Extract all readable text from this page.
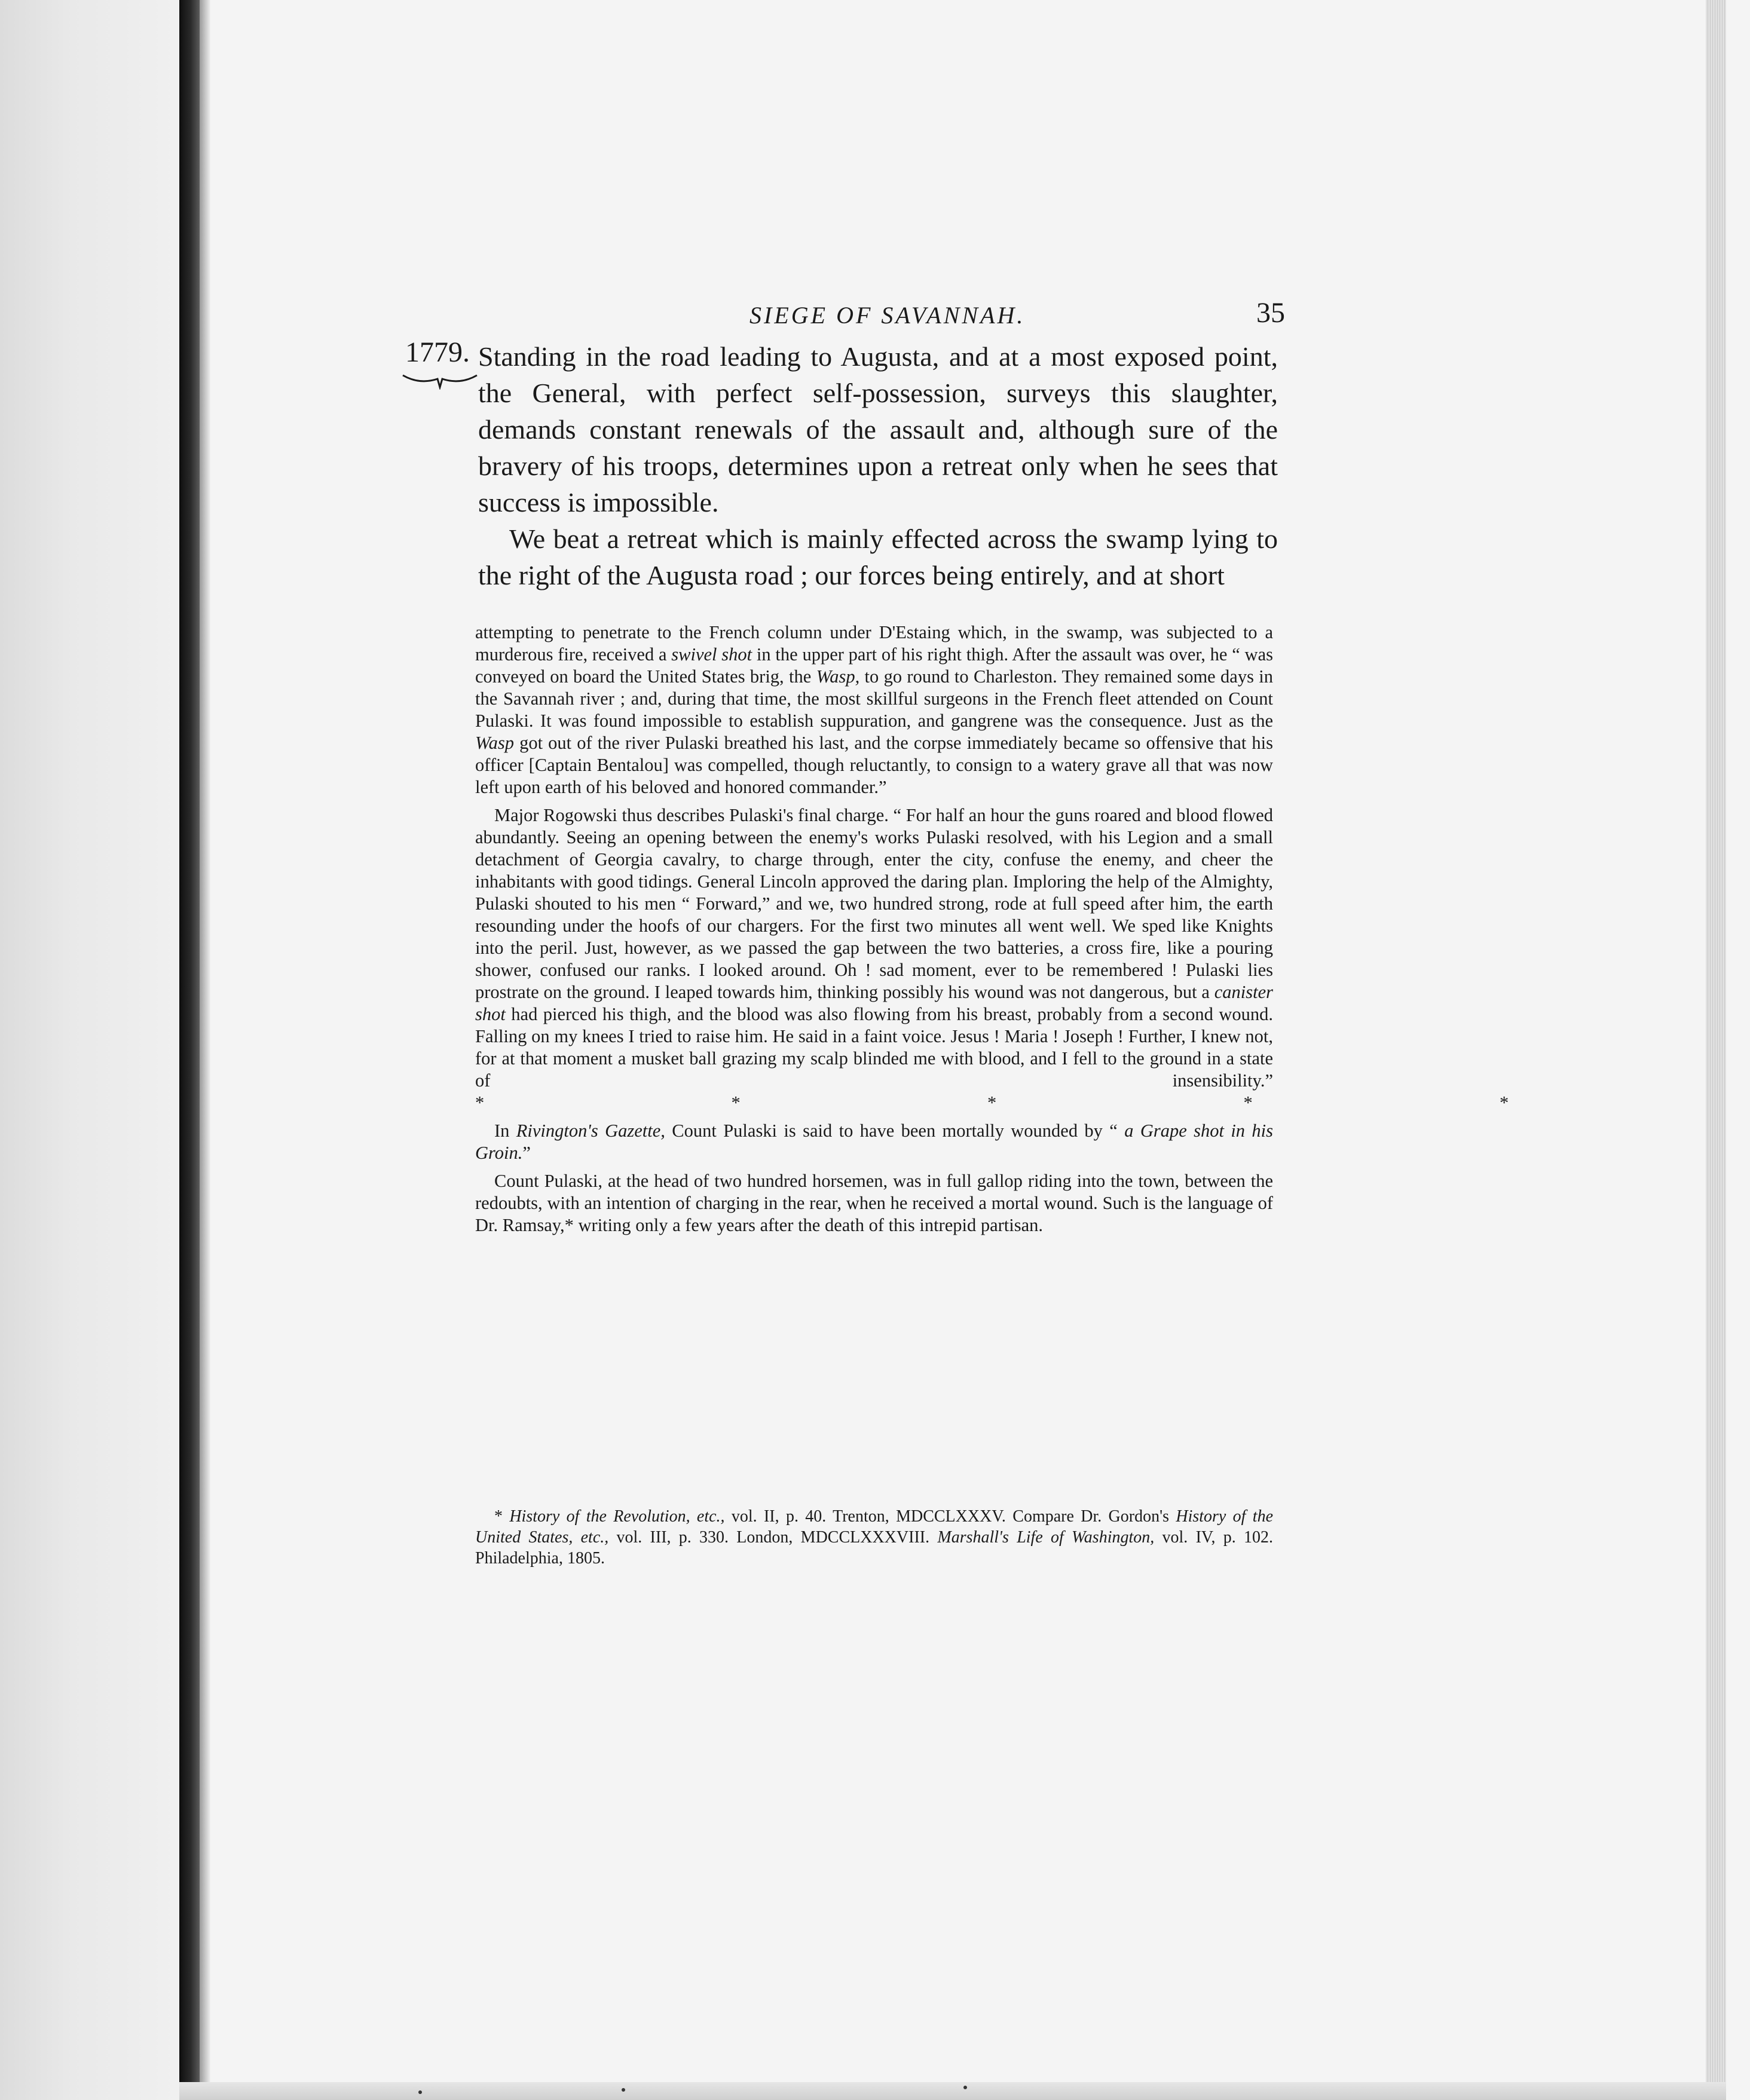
SIEGE OF SAVANNAH.	35
1779. Standing in the road leading to Augusta, and at a most exposed point, the General, with perfect self-possession, surveys this slaughter, demands constant renewals of the assault and, although sure of the bravery of his troops, determines upon a retreat only when he sees that success is impossible.

We beat a retreat which is mainly effected across the swamp lying to the right of the Augusta road ; our forces being entirely, and at short

attempting to penetrate to the French column under D'Estaing which, in the swamp, was subjected to a murderous fire, received a swivel shot in the upper part of his right thigh. After the assault was over, he “ was conveyed on board the United States brig, the Wasp, to go round to Charleston. They remained some days in the Savannah river ; and, during that time, the most skillful surgeons in the French fleet attended on Count Pulaski. It was found impossible to establish suppuration, and gangrene was the consequence. Just as the Wasp got out of the river Pulaski breathed his last, and the corpse immediately became so offensive that his officer [Captain Bentalou] was compelled, though reluctantly, to consign to a watery grave all that was now left upon earth of his beloved and honored commander.”

Major Rogowski thus describes Pulaski's final charge. “ For half an hour the guns roared and blood flowed abundantly. Seeing an opening between the enemy's works Pulaski resolved, with his Legion and a small detachment of Georgia cavalry, to charge through, enter the city, confuse the enemy, and cheer the inhabitants with good tidings. General Lincoln approved the daring plan. Imploring the help of the Almighty, Pulaski shouted to his men “ Forward,” and we, two hundred strong, rode at full speed after him, the earth resounding under the hoofs of our chargers. For the first two minutes all went well. We sped like Knights into the peril. Just, however, as we passed the gap between the two batteries, a cross fire, like a pouring shower, confused our ranks. I looked around. Oh ! sad moment, ever to be remembered ! Pulaski lies prostrate on the ground. I leaped towards him, thinking possibly his wound was not dangerous, but a canister shot had pierced his thigh, and the blood was also flowing from his breast, probably from a second wound. Falling on my knees I tried to raise him. He said in a faint voice. Jesus ! Maria ! Joseph ! Further, I knew not, for at that moment a musket ball grazing my scalp blinded me with blood, and I fell to the ground in a state of insensibility.” *  *  *  *  *

In Rivington's Gazette, Count Pulaski is said to have been mortally wounded by “ a Grape shot in his Groin.”

Count Pulaski, at the head of two hundred horsemen, was in full gallop riding into the town, between the redoubts, with an intention of charging in the rear, when he received a mortal wound. Such is the language of Dr. Ramsay,* writing only a few years after the death of this intrepid partisan.

* History of the Revolution, etc., vol. II, p. 40. Trenton, MDCCLXXXV. Compare Dr. Gordon's History of the United States, etc., vol. III, p. 330. London, MDCCLXXXVIII. Marshall's Life of Washington, vol. IV, p. 102. Philadelphia, 1805.
